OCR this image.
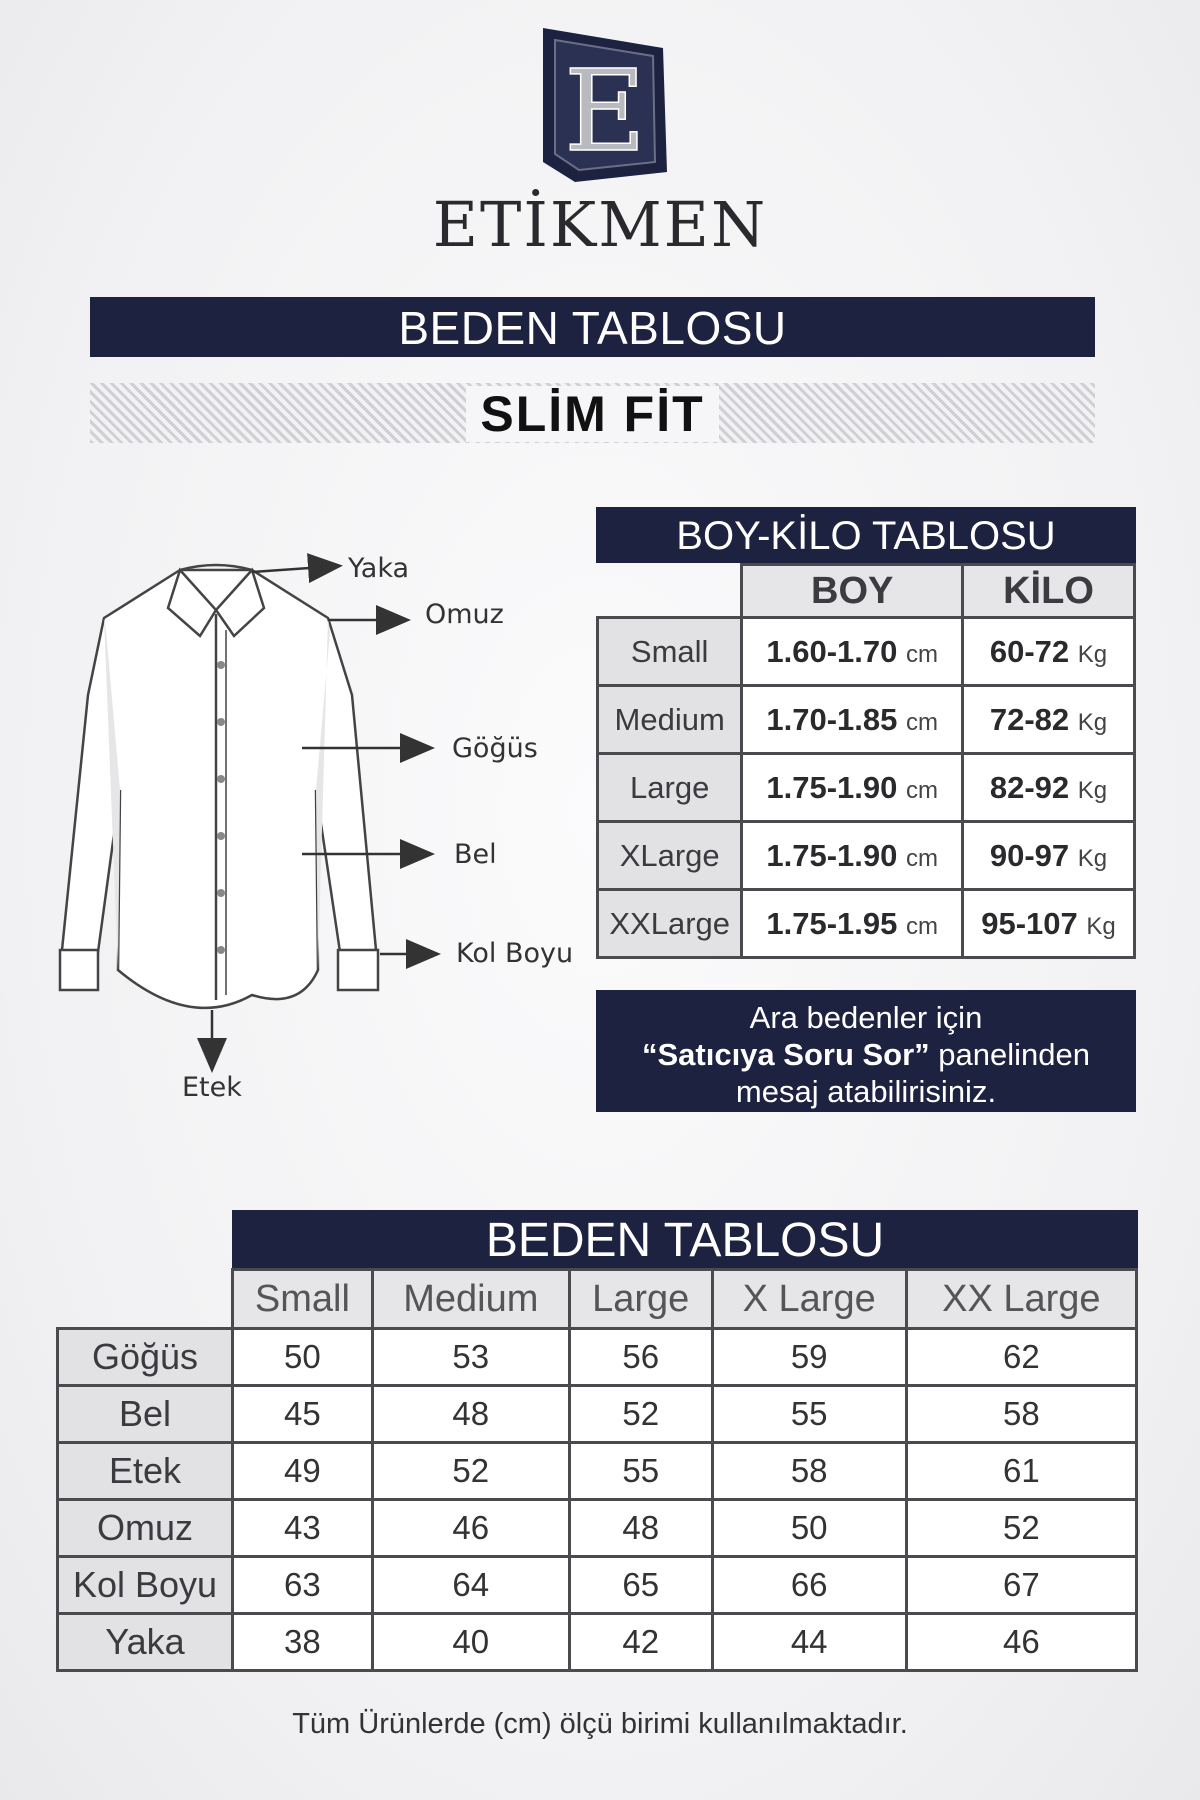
E
ETİKMEN
BEDEN TABLOSU
SLİM FİT
Yaka
Omuz
Göğüs
Bel
Kol Boyu
Etek
BOY-KİLO TABLOSU
	BOY	KİLO
Small	1.60-1.70 cm	60-72 Kg
Medium	1.70-1.85 cm	72-82 Kg
Large	1.75-1.90 cm	82-92 Kg
XLarge	1.75-1.90 cm	90-97 Kg
XXLarge	1.75-1.95 cm	95-107 Kg
Ara bedenler için
“Satıcıya Soru Sor” panelinden
mesaj atabilirisiniz.
BEDEN TABLOSU
	Small	Medium	Large	X Large	XX Large
Göğüs	50	53	56	59	62
Bel	45	48	52	55	58
Etek	49	52	55	58	61
Omuz	43	46	48	50	52
Kol Boyu	63	64	65	66	67
Yaka	38	40	42	44	46
Tüm Ürünlerde (cm) ölçü birimi kullanılmaktadır.
